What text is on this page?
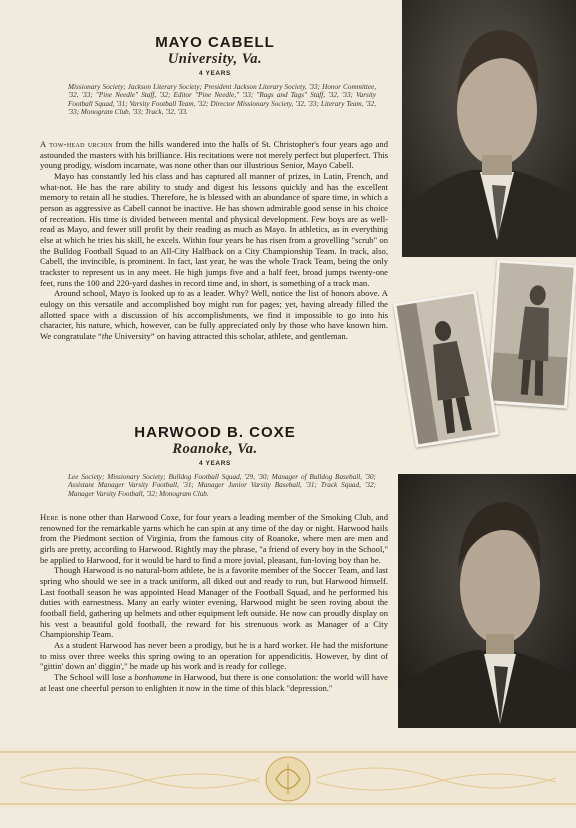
MAYO CABELL
University, Va.
4 YEARS
Missionary Society; Jackson Literary Society; President Jackson Literary Society, '33; Honor Committee, '32, '33; "Pine Needle" Staff, '32; Editor "Pine Needle," '33; "Rags and Tags" Staff, '32, '33; Varsity Football Squad, '31; Varsity Football Team, '32; Director Missionary Society, '32, '33; Literary Team, '32, '33; Monogram Club, '33; Track, '32, '33.

A tow-head urchin from the hills wandered into the halls of St. Christopher's four years ago and astounded the masters with his brilliance. His recitations were not merely perfect but pluperfect. This young prodigy, wisdom incarnate, was none other than our illustrious Senior, Mayo Cabell.

Mayo has constantly led his class and has captured all manner of prizes, in Latin, French, and what-not. He has the rare ability to study and digest his lessons quickly and has the excellent memory to retain all he studies. Therefore, he is blessed with an abundance of spare time, in which a person as aggressive as Cabell cannot be inactive. He has shown admirable good sense in his choice of recreation. His time is divided between mental and physical development. Few boys are as well-read as Mayo, and fewer still profit by their reading as much as Mayo. In athletics, as in everything else at which he tries his skill, he excels. Within four years he has risen from a grovelling "scrub" on the Bulldog Football Squad to an All-City Halfback on a City Championship Team. In track, also, Cabell, the invincible, is prominent. In fact, last year, he was the whole Track Team, being the only trackster to represent us in any meet. He high jumps five and a half feet, broad jumps twenty-one feet, runs the 100 and 220-yard dashes in record time and, in short, is something of a track man.

Around school, Mayo is looked up to as a leader. Why? Well, notice the list of honors above. A eulogy on this versatile and accomplished boy might run for pages; yet, having already filled the allotted space with a discussion of his accomplishments, we find it impossible to go into his character, his nature, which, however, can be fully appreciated only by those who have known him. We congratulate “the University” on having attracted this scholar, athlete, and gentleman.

HARWOOD B. COXE
Roanoke, Va.
4 YEARS
Lee Society; Missionary Society; Bulldog Football Squad, '29, '30; Manager of Bulldog Baseball, '30; Assistant Manager Varsity Football, '31; Manager Junior Varsity Baseball, '31; Track Squad, '32; Manager Varsity Football, '32; Monogram Club.

Here is none other than Harwood Coxe, for four years a leading member of the Smoking Club, and renowned for the remarkable yarns which he can spin at any time of the day or night. Harwood hails from the Piedmont section of Virginia, from the famous city of Roanoke, where men are men and girls are pretty, according to Harwood. Rightly may the phrase, "a friend of every boy in the School," be applied to Harwood, for it would be hard to find a more jovial, pleasant, fun-loving boy than he.

Though Harwood is no natural-born athlete, he is a favorite member of the Soccer Team, and last spring who should we see in a track uniform, all diked out and ready to run, but Harwood himself. Last football season he was appointed Head Manager of the Football Squad, and he performed his duties with earnestness. Many an early winter evening, Harwood might be seen roving about the football field, gathering up helmets and other equipment left outside. He now can proudly display on his vest a beautiful gold football, the reward for his strenuous work as Manager of a City Championship Team.

As a student Harwood has never been a prodigy, but he is a hard worker. He had the misfortune to miss over three weeks this spring owing to an operation for appendicitis. However, by dint of "gittin' down an' diggin'," he made up his work and is ready for college.

The School will lose a bonhomme in Harwood, but there is one consolation: the world will have at least one cheerful person to enlighten it now in the time of this black "depression."
